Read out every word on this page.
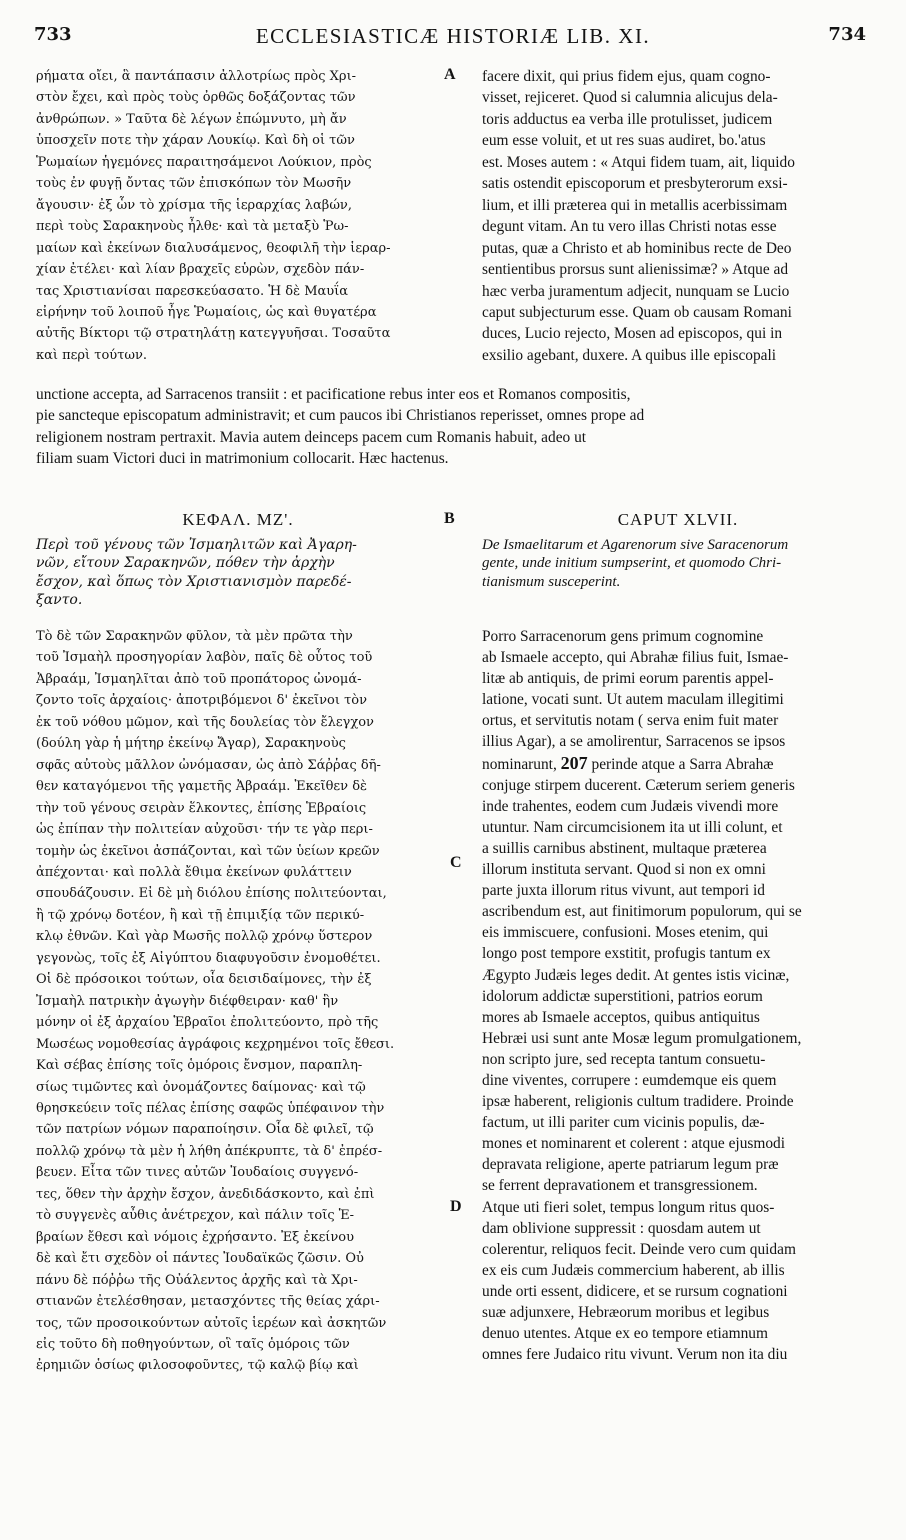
733	ECCLESIASTICÆ HISTORIÆ LIB. XI.	734
ρήματα οἴει, ἃ παντάπασιν ἀλλοτρίως πρὸς Χρι-
στὸν ἔχει, καὶ πρὸς τοὺς ὀρθῶς δοξάζοντας τῶν
ἀνθρώπων. » Ταῦτα δὲ λέγων ἐπώμνυτο, μὴ ἄν
ὑποσχεῖν ποτε τὴν χάραν Λουκίῳ. Καὶ δὴ οἱ τῶν
Ῥωμαίων ἡγεμόνες παραιτησάμενοι Λούκιον, πρὸς
τοὺς ἐν φυγῇ ὄντας τῶν ἐπισκόπων τὸν Μωσῆν
ἄγουσιν· ἐξ ὧν τὸ χρίσμα τῆς ἱεραρχίας λαβών,
περὶ τοὺς Σαρακηνοὺς ἦλθε· καὶ τὰ μεταξὺ Ῥω-
μαίων καὶ ἐκείνων διαλυσάμενος, θεοφιλῆ τὴν ἱεραρ-
χίαν ἐτέλει· καὶ λίαν βραχεῖς εὑρὼν, σχεδὸν πάν-
τας Χριστιανίσαι παρεσκεύασατο. Ἡ δὲ Μαυΐα
εἰρήνην τοῦ λοιποῦ ἦγε Ῥωμαίοις, ὡς καὶ θυγατέρα
αὐτῆς Βίκτορι τῷ στρατηλάτῃ κατεγγυῆσαι. Τοσαῦτα
καὶ περὶ τούτων.
facere dixit, qui prius fidem ejus, quam cogno-
visset, rejiceret. Quod si calumnia alicujus dela-
toris adductus ea verba ille protulisset, judicem
eum esse voluit, et ut res suas audiret, bo.'atus
est. Moses autem : « Atqui fidem tuam, ait, liquido
satis ostendit episcoporum et presbyterorum exsi-
lium, et illi præterea qui in metallis acerbissimam
degunt vitam. An tu vero illas Christi notas esse
putas, quæ a Christo et ab hominibus recte de Deo
sentientibus prorsus sunt alienissimæ? » Atque ad
hæc verba juramentum adjecit, nunquam se Lucio
caput subjecturum esse. Quam ob causam Romani
duces, Lucio rejecto, Mosen ad episcopos, qui in
exsilio agebant, duxere. A quibus ille episcopali
unctione accepta, ad Sarracenos transiit : et pacificatione rebus inter eos et Romanos compositis,
pie sancteque episcopatum administravit; et cum paucos ibi Christianos reperisset, omnes prope ad
religionem nostram pertraxit. Mavia autem deinceps pacem cum Romanis habuit, adeo ut
filiam suam Victori duci in matrimonium collocarit. Hæc hactenus.
A
B
C
D
ΚΕΦΑΛ. ΜΖ'.	CAPUT XLVII.
Περὶ τοῦ γένους τῶν Ἰσμαηλιτῶν καὶ Ἀγαρη-
νῶν, εἴτουν Σαρακηνῶν, πόθεν τὴν ἀρχὴν
ἔσχον, καὶ ὅπως τὸν Χριστιανισμὸν παρεδέ-
ξαντο.
De Ismaelitarum et Agarenorum sive Saracenorum
gente, unde initium sumpserint, et quomodo Chri-
tianismum susceperint.
Τὸ δὲ τῶν Σαρακηνῶν φῦλον, τὰ μὲν πρῶτα τὴν
τοῦ Ἰσμαὴλ προσηγορίαν λαβὸν, παῖς δὲ οὗτος τοῦ
Ἀβραάμ, Ἰσμαηλῖται ἀπὸ τοῦ προπάτορος ὠνομά-
ζοντο τοῖς ἀρχαίοις· ἀποτριβόμενοι δ' ἐκεῖνοι τὸν
ἐκ τοῦ νόθου μῶμον, καὶ τῆς δουλείας τὸν ἔλεγχον
(δούλη γὰρ ἡ μήτηρ ἐκείνῳ Ἄγαρ), Σαρακηνοὺς
σφᾶς αὐτοὺς μᾶλλον ὠνόμασαν, ὡς ἀπὸ Σάῤῥας δῆ-
θεν καταγόμενοι τῆς γαμετῆς Ἀβραάμ. Ἐκεῖθεν δὲ
τὴν τοῦ γένους σειρὰν ἕλκοντες, ἐπίσης Ἑβραίοις
ὡς ἐπίπαν τὴν πολιτείαν αὐχοῦσι· τήν τε γὰρ περι-
τομὴν ὡς ἐκεῖνοι ἀσπάζονται, καὶ τῶν ὑείων κρεῶν
ἀπέχονται· καὶ πολλὰ ἔθιμα ἐκείνων φυλάττειν
σπουδάζουσιν. Εἰ δὲ μὴ διόλου ἐπίσης πολιτεύονται,
ἢ τῷ χρόνῳ δοτέον, ἢ καὶ τῇ ἐπιμιξίᾳ τῶν περικύ-
κλῳ ἐθνῶν. Καὶ γὰρ Μωσῆς πολλῷ χρόνῳ ὕστερον
γεγονὼς, τοῖς ἐξ Αἰγύπτου διαφυγοῦσιν ἐνομοθέτει.
Οἱ δὲ πρόσοικοι τούτων, οἷα δεισιδαίμονες, τὴν ἐξ
Ἰσμαὴλ πατρικὴν ἀγωγὴν διέφθειραν· καθ' ἣν
μόνην οἱ ἐξ ἀρχαίου Ἑβραῖοι ἐπολιτεύοντο, πρὸ τῆς
Μωσέως νομοθεσίας ἀγράφοις κεχρημένοι τοῖς ἔθεσι.
Καὶ σέβας ἐπίσης τοῖς ὁμόροις ἔνσμον, παραπλη-
σίως τιμῶντες καὶ ὀνομάζοντες δαίμονας· καὶ τῷ
θρησκεύειν τοῖς πέλας ἐπίσης σαφῶς ὑπέφαινον τὴν
τῶν πατρίων νόμων παραποίησιν. Οἷα δὲ φιλεῖ, τῷ
πολλῷ χρόνῳ τὰ μὲν ἡ λήθη ἀπέκρυπτε, τὰ δ' ἐπρέσ-
βευεν. Εἶτα τῶν τινες αὐτῶν Ἰουδαίοις συγγενό-
τες, ὅθεν τὴν ἀρχὴν ἔσχον, ἀνεδιδάσκοντο, καὶ ἐπὶ
τὸ συγγενὲς αὖθις ἀνέτρεχον, καὶ πάλιν τοῖς Ἑ-
βραίων ἔθεσι καὶ νόμοις ἐχρήσαντο. Ἐξ ἐκείνου
δὲ καὶ ἔτι σχεδὸν οἱ πάντες Ἰουδαϊκῶς ζῶσιν. Οὐ
πάνυ δὲ πόῤῥω τῆς Οὐάλεντος ἀρχῆς καὶ τὰ Χρι-
στιανῶν ἐτελέσθησαν, μετασχόντες τῆς θείας χάρι-
τος, τῶν προσοικούντων αὐτοῖς ἱερέων καὶ ἀσκητῶν
εἰς τοῦτο δὴ ποθηγούντων, οἳ ταῖς ὁμόροις τῶν
ἐρημιῶν ὁσίως φιλοσοφοῦντες, τῷ καλῷ βίῳ καὶ
Porro Sarracenorum gens primum cognomine
ab Ismaele accepto, qui Abrahæ filius fuit, Ismae-
litæ ab antiquis, de primi eorum parentis appel-
latione, vocati sunt. Ut autem maculam illegitimi
ortus, et servitutis notam ( serva enim fuit mater
illius Agar), a se amolirentur, Sarracenos se ipsos
nominarunt, 207 perinde atque a Sarra Abrahæ
conjuge stirpem ducerent. Cæterum seriem generis
inde trahentes, eodem cum Judæis vivendi more
utuntur. Nam circumcisionem ita ut illi colunt, et
a suillis carnibus abstinent, multaque præterea
illorum instituta servant. Quod si non ex omni
parte juxta illorum ritus vivunt, aut tempori id
ascribendum est, aut finitimorum populorum, qui se
eis immiscuere, confusioni. Moses etenim, qui
longo post tempore exstitit, profugis tantum ex
Ægypto Judæis leges dedit. At gentes istis vicinæ,
idolorum addictæ superstitioni, patrios eorum
mores ab Ismaele acceptos, quibus antiquitus
Hebræi usi sunt ante Mosæ legum promulgationem,
non scripto jure, sed recepta tantum consuetu-
dine viventes, corrupere : eumdemque eis quem
ipsæ haberent, religionis cultum tradidere. Proinde
factum, ut illi pariter cum vicinis populis, dæ-
mones et nominarent et colerent : atque ejusmodi
depravata religione, aperte patriarum legum præ
se ferrent depravationem et transgressionem.
Atque uti fieri solet, tempus longum ritus quos-
dam oblivione suppressit : quosdam autem ut
colerentur, reliquos fecit. Deinde vero cum quidam
ex eis cum Judæis commercium haberent, ab illis
unde orti essent, didicere, et se rursum cognationi
suæ adjunxere, Hebræorum moribus et legibus
denuo utentes. Atque ex eo tempore etiamnum
omnes fere Judaico ritu vivunt. Verum non ita diu
